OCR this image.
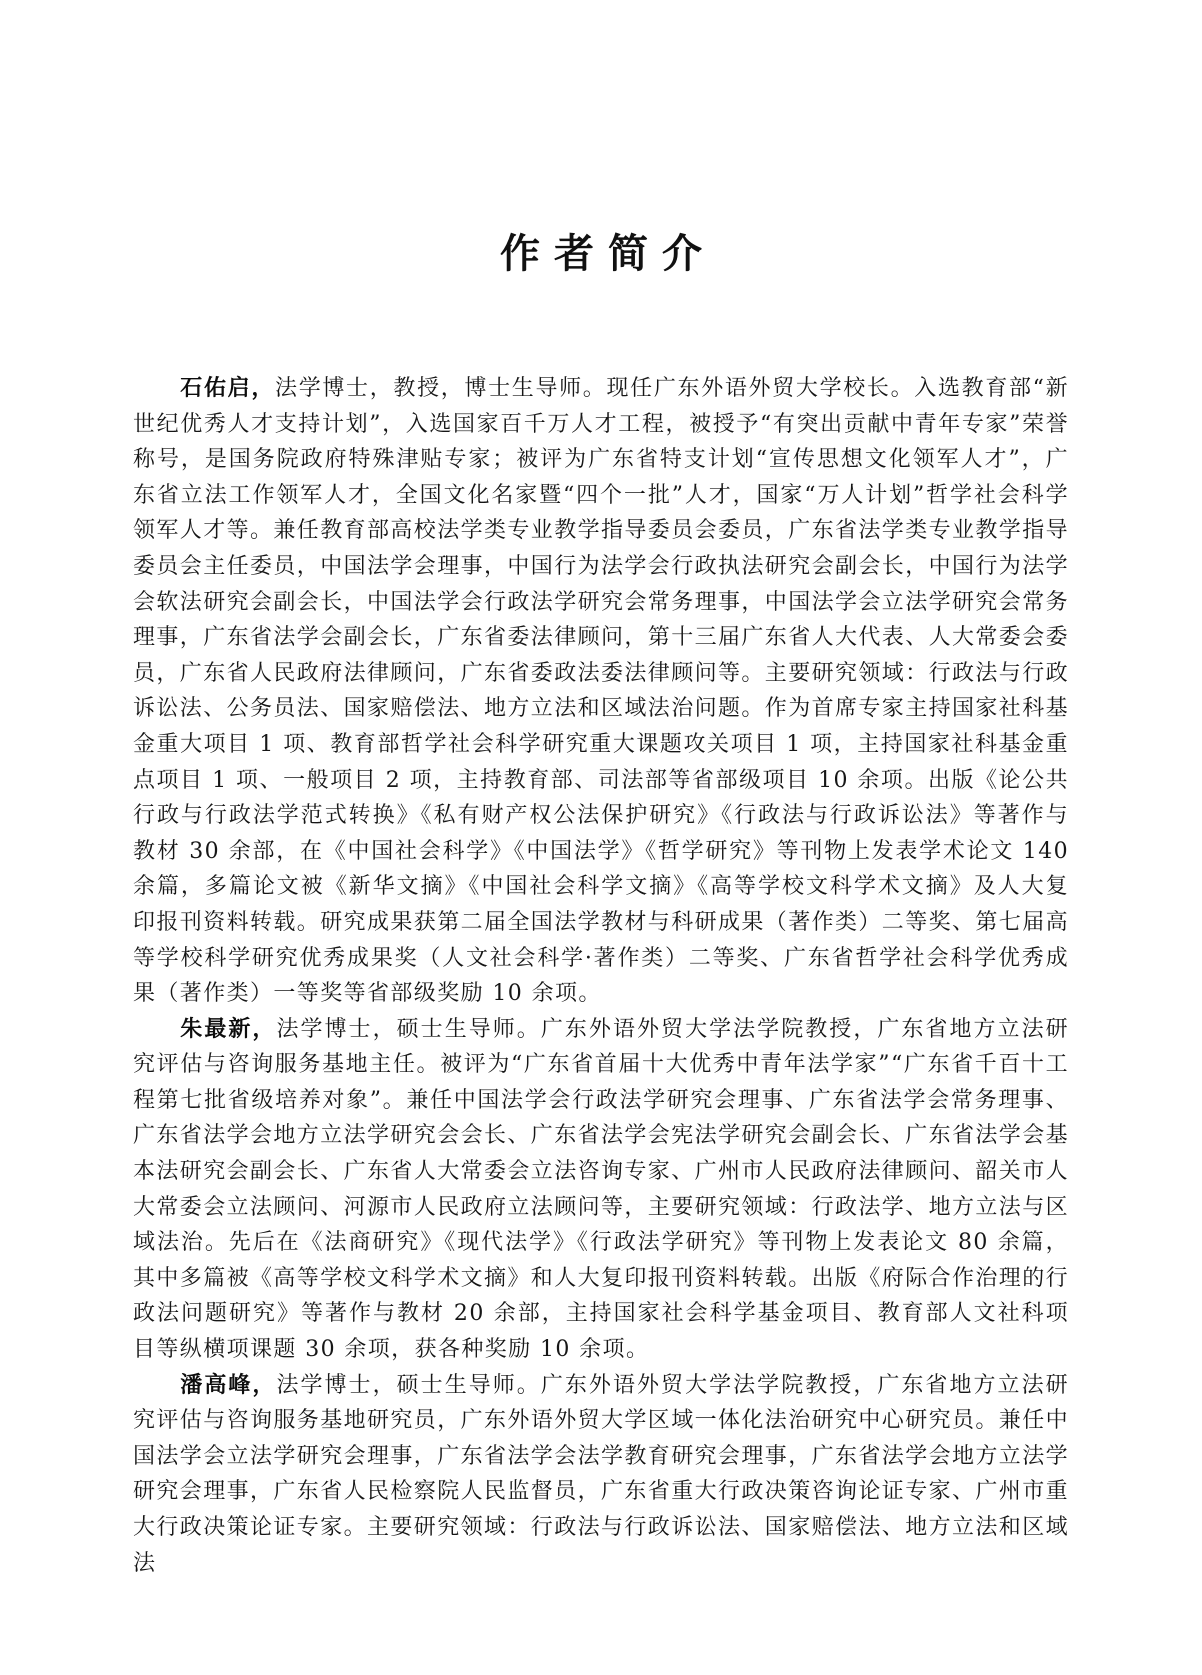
作者简介

石佑启，法学博士，教授，博士生导师。现任广东外语外贸大学校长。入选教育部“新世纪优秀人才支持计划”，入选国家百千万人才工程，被授予“有突出贡献中青年专家”荣誉称号，是国务院政府特殊津贴专家；被评为广东省特支计划“宣传思想文化领军人才”，广东省立法工作领军人才，全国文化名家暨“四个一批”人才，国家“万人计划”哲学社会科学领军人才等。兼任教育部高校法学类专业教学指导委员会委员，广东省法学类专业教学指导委员会主任委员，中国法学会理事，中国行为法学会行政执法研究会副会长，中国行为法学会软法研究会副会长，中国法学会行政法学研究会常务理事，中国法学会立法学研究会常务理事，广东省法学会副会长，广东省委法律顾问，第十三届广东省人大代表、人大常委会委员，广东省人民政府法律顾问，广东省委政法委法律顾问等。主要研究领域：行政法与行政诉讼法、公务员法、国家赔偿法、地方立法和区域法治问题。作为首席专家主持国家社科基金重大项目 1 项、教育部哲学社会科学研究重大课题攻关项目 1 项，主持国家社科基金重点项目 1 项、一般项目 2 项，主持教育部、司法部等省部级项目 10 余项。出版《论公共行政与行政法学范式转换》《私有财产权公法保护研究》《行政法与行政诉讼法》等著作与教材 30 余部，在《中国社会科学》《中国法学》《哲学研究》等刊物上发表学术论文 140 余篇，多篇论文被《新华文摘》《中国社会科学文摘》《高等学校文科学术文摘》及人大复印报刊资料转载。研究成果获第二届全国法学教材与科研成果（著作类）二等奖、第七届高等学校科学研究优秀成果奖（人文社会科学·著作类）二等奖、广东省哲学社会科学优秀成果（著作类）一等奖等省部级奖励 10 余项。

朱最新，法学博士，硕士生导师。广东外语外贸大学法学院教授，广东省地方立法研究评估与咨询服务基地主任。被评为“广东省首届十大优秀中青年法学家”“广东省千百十工程第七批省级培养对象”。兼任中国法学会行政法学研究会理事、广东省法学会常务理事、广东省法学会地方立法学研究会会长、广东省法学会宪法学研究会副会长、广东省法学会基本法研究会副会长、广东省人大常委会立法咨询专家、广州市人民政府法律顾问、韶关市人大常委会立法顾问、河源市人民政府立法顾问等，主要研究领域：行政法学、地方立法与区域法治。先后在《法商研究》《现代法学》《行政法学研究》等刊物上发表论文 80 余篇，其中多篇被《高等学校文科学术文摘》和人大复印报刊资料转载。出版《府际合作治理的行政法问题研究》等著作与教材 20 余部，主持国家社会科学基金项目、教育部人文社科项目等纵横项课题 30 余项，获各种奖励 10 余项。

潘高峰，法学博士，硕士生导师。广东外语外贸大学法学院教授，广东省地方立法研究评估与咨询服务基地研究员，广东外语外贸大学区域一体化法治研究中心研究员。兼任中国法学会立法学研究会理事，广东省法学会法学教育研究会理事，广东省法学会地方立法学研究会理事，广东省人民检察院人民监督员，广东省重大行政决策咨询论证专家、广州市重大行政决策论证专家。主要研究领域：行政法与行政诉讼法、国家赔偿法、地方立法和区域法
